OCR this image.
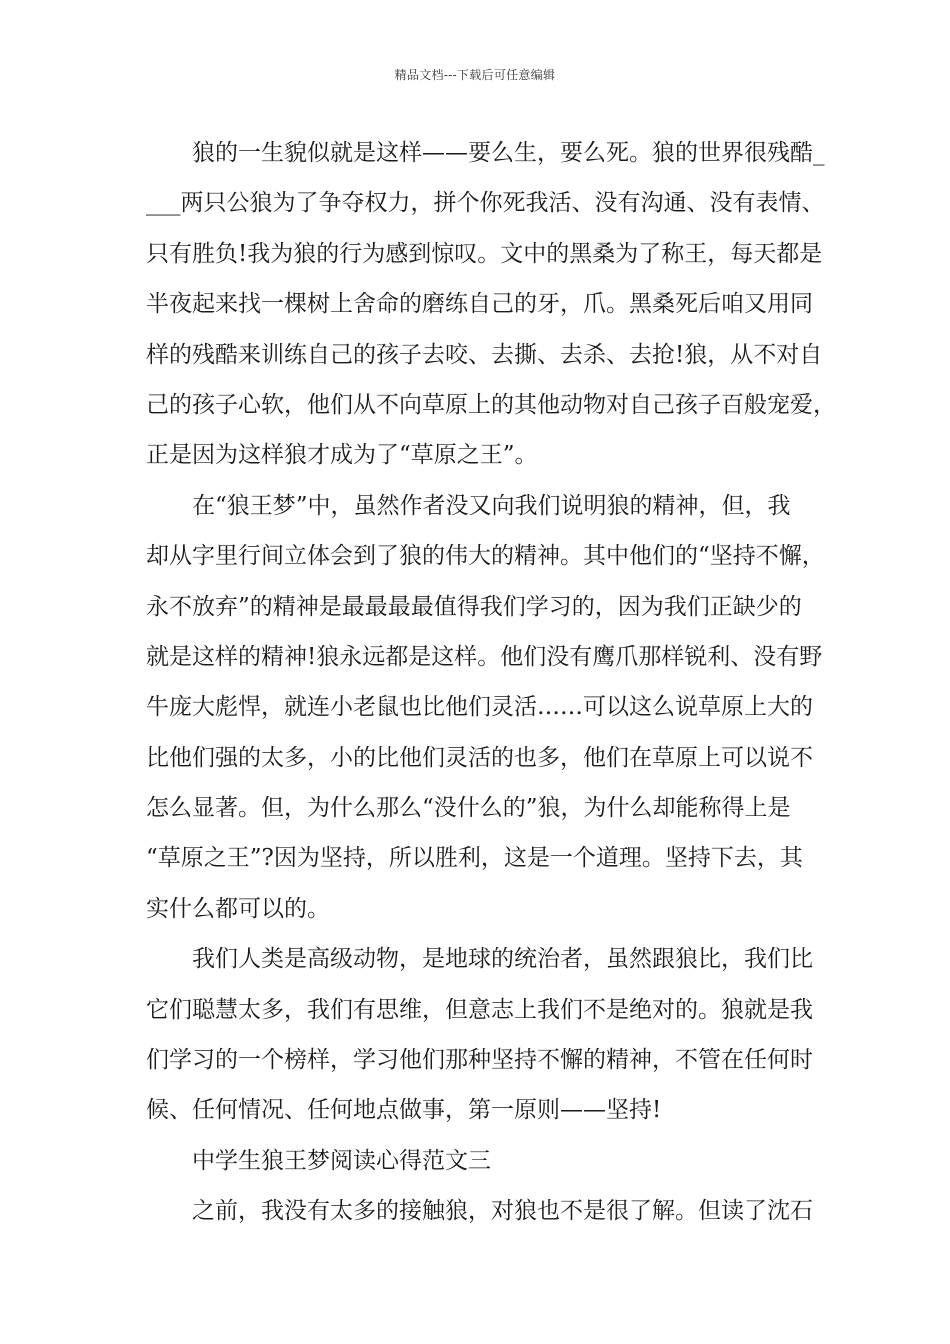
精品文档---下载后可任意编辑
狼的一生貌似就是这样——要么生，要么死。狼的世界很残酷_
___两只公狼为了争夺权力，拼个你死我活、没有沟通、没有表情、
只有胜负!我为狼的行为感到惊叹。文中的黑桑为了称王，每天都是
半夜起来找一棵树上舍命的磨练自己的牙，爪。黑桑死后咱又用同
样的残酷来训练自己的孩子去咬、去撕、去杀、去抢!狼，从不对自
己的孩子心软，他们从不向草原上的其他动物对自己孩子百般宠爱，
正是因为这样狼才成为了“草原之王”。
在“狼王梦”中，虽然作者没又向我们说明狼的精神，但，我
却从字里行间立体会到了狼的伟大的精神。其中他们的“坚持不懈，
永不放弃”的精神是最最最最值得我们学习的，因为我们正缺少的
就是这样的精神!狼永远都是这样。他们没有鹰爪那样锐利、没有野
牛庞大彪悍，就连小老鼠也比他们灵活……可以这么说草原上大的
比他们强的太多，小的比他们灵活的也多，他们在草原上可以说不
怎么显著。但，为什么那么“没什么的”狼，为什么却能称得上是
“草原之王”?因为坚持，所以胜利，这是一个道理。坚持下去，其
实什么都可以的。
我们人类是高级动物，是地球的统治者，虽然跟狼比，我们比
它们聪慧太多，我们有思维，但意志上我们不是绝对的。狼就是我
们学习的一个榜样，学习他们那种坚持不懈的精神，不管在任何时
候、任何情况、任何地点做事，第一原则——坚持!
中学生狼王梦阅读心得范文三
之前，我没有太多的接触狼，对狼也不是很了解。但读了沈石
